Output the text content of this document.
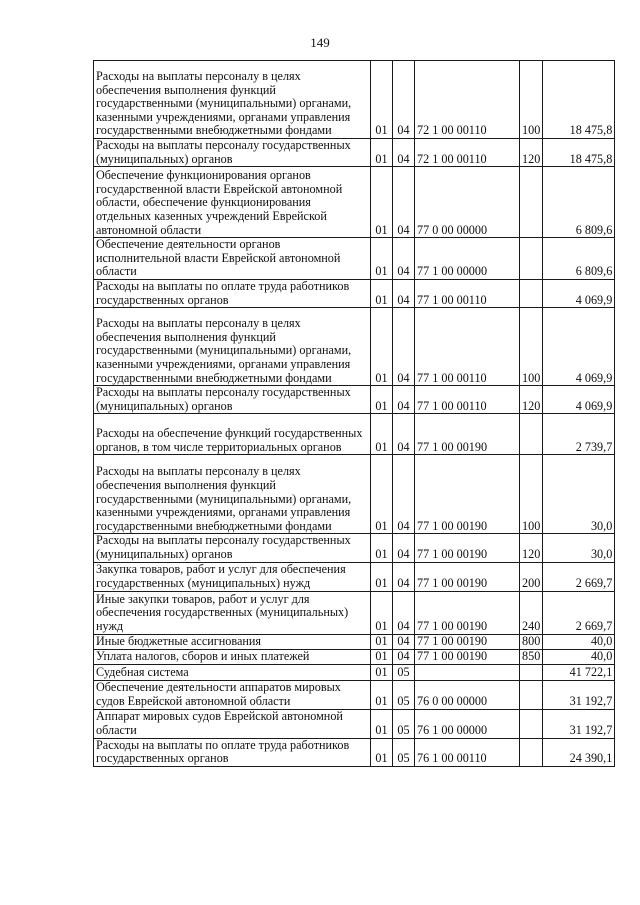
149
Расходы на выплаты персоналу в целях обеспечения выполнения функций государственными (муниципальными) органами, казенными учреждениями, органами управления государственными внебюджетными фондами	01	04	72 1 00 00110	100	18 475,8
Расходы на выплаты персоналу государственных (муниципальных) органов	01	04	72 1 00 00110	120	18 475,8
Обеспечение функционирования органов государственной власти Еврейской автономной области, обеспечение функционирования отдельных казенных учреждений Еврейской автономной области	01	04	77 0 00 00000		6 809,6
Обеспечение деятельности органов исполнительной власти Еврейской автономной области	01	04	77 1 00 00000		6 809,6
Расходы на выплаты по оплате труда работников государственных органов	01	04	77 1 00 00110		4 069,9
Расходы на выплаты персоналу в целях обеспечения выполнения функций государственными (муниципальными) органами, казенными учреждениями, органами управления государственными внебюджетными фондами	01	04	77 1 00 00110	100	4 069,9
Расходы на выплаты персоналу государственных (муниципальных) органов	01	04	77 1 00 00110	120	4 069,9
Расходы на обеспечение функций государственных органов, в том числе территориальных органов	01	04	77 1 00 00190		2 739,7
Расходы на выплаты персоналу в целях обеспечения выполнения функций государственными (муниципальными) органами, казенными учреждениями, органами управления государственными внебюджетными фондами	01	04	77 1 00 00190	100	30,0
Расходы на выплаты персоналу государственных (муниципальных) органов	01	04	77 1 00 00190	120	30,0
Закупка товаров, работ и услуг для обеспечения государственных (муниципальных) нужд	01	04	77 1 00 00190	200	2 669,7
Иные закупки товаров, работ и услуг для обеспечения государственных (муниципальных) нужд	01	04	77 1 00 00190	240	2 669,7
Иные бюджетные ассигнования	01	04	77 1 00 00190	800	40,0
Уплата налогов, сборов и иных платежей	01	04	77 1 00 00190	850	40,0
Судебная система	01	05			41 722,1
Обеспечение деятельности аппаратов мировых судов Еврейской автономной области	01	05	76 0 00 00000		31 192,7
Аппарат мировых судов Еврейской автономной области	01	05	76 1 00 00000		31 192,7
Расходы на выплаты по оплате труда работников государственных органов	01	05	76 1 00 00110		24 390,1
